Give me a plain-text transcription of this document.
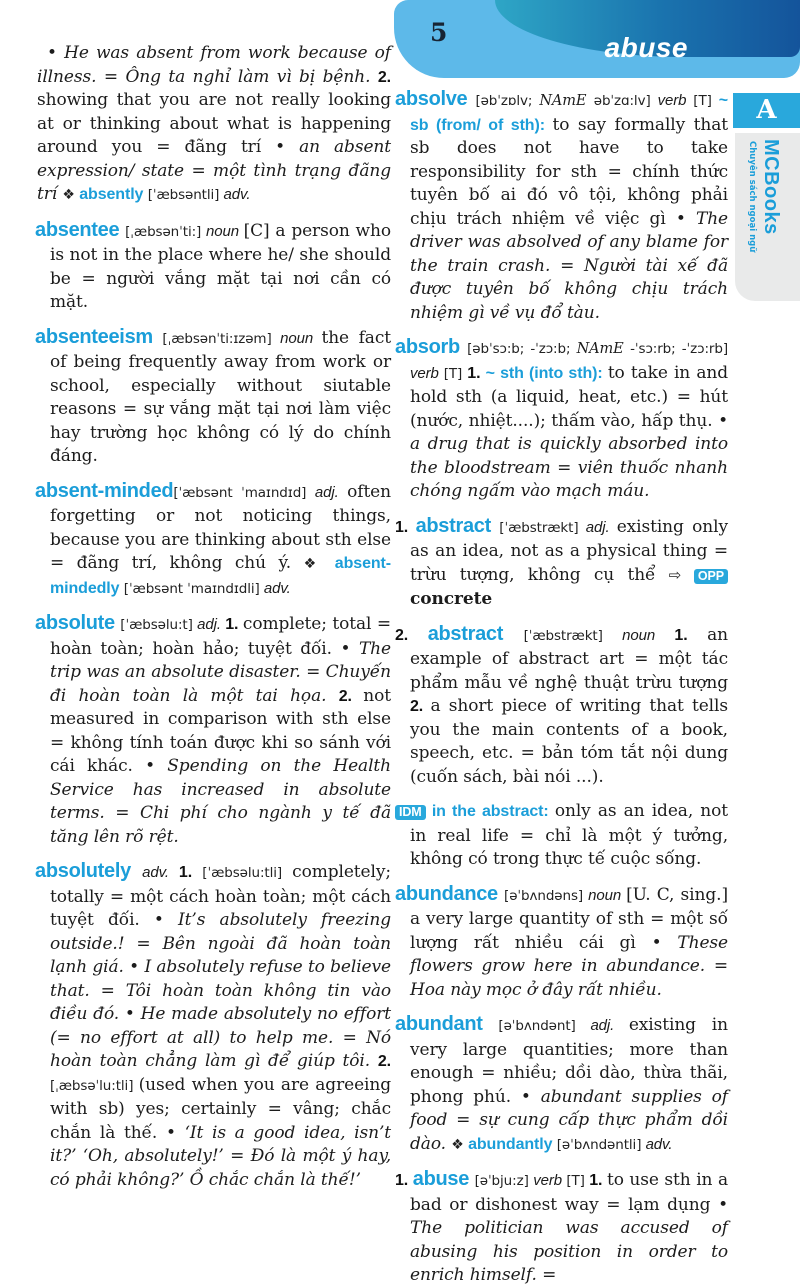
5	abuse
A
MCBooks
Chuyên sách ngoại ngữ

• He was absent from work because of illness. = Ông ta nghỉ làm vì bị bệnh. 2. showing that you are not really looking at or thinking about what is happening around you = đãng trí • an absent expression/ state = một tình trạng đãng trí ❖ absently [ˈæbsəntli] adv.

absentee [ˌæbsənˈti:] noun [C] a person who is not in the place where he/ she should be = người vắng mặt tại nơi cần có mặt.

absenteeism [ˌæbsənˈti:ɪzəm] noun the fact of being frequently away from work or school, especially without siutable reasons = sự vắng mặt tại nơi làm việc hay trường học không có lý do chính đáng.

absent-minded[ˈæbsənt ˈmaɪndɪd] adj. often forgetting or not noticing things, because you are thinking about sth else = đãng trí, không chú ý. ❖ absent-mindedly [ˈæbsənt ˈmaɪndɪdli] adv.

absolute [ˈæbsəlu:t] adj. 1. complete; total = hoàn toàn; hoàn hảo; tuyệt đối. • The trip was an absolute disaster. = Chuyến đi hoàn toàn là một tai họa. 2. not measured in comparison with sth else = không tính toán được khi so sánh với cái khác. • Spending on the Health Service has increased in absolute terms. = Chi phí cho ngành y tế đã tăng lên rõ rệt.

absolutely adv. 1. [ˈæbsəlu:tli] completely; totally = một cách hoàn toàn; một cách tuyệt đối. • It’s absolutely freezing outside.! = Bên ngoài đã hoàn toàn lạnh giá. • I absolutely refuse to believe that. = Tôi hoàn toàn không tin vào điều đó. • He made absolutely no effort (= no effort at all) to help me. = Nó hoàn toàn chẳng làm gì để giúp tôi. 2. [ˌæbsəˈlu:tli] (used when you are agreeing with sb) yes; certainly = vâng; chắc chắn là thế. • ‘It is a good idea, isn’t it?’ ‘Oh, absolutely!’ = Đó là một ý hay, có phải không?’ Ồ chắc chắn là thế!’

absolve [əbˈzɒlv; NAmE əbˈzɑ:lv] verb [T] ~ sb (from/ of sth): to say formally that sb does not have to take responsibility for sth = chính thức tuyên bố ai đó vô tội, không phải chịu trách nhiệm về việc gì • The driver was absolved of any blame for the train crash. = Người tài xế đã được tuyên bố không chịu trách nhiệm gì về vụ đổ tàu.

absorb [əbˈsɔ:b; -ˈzɔ:b; NAmE -ˈsɔ:rb; -ˈzɔ:rb] verb [T] 1. ~ sth (into sth): to take in and hold sth (a liquid, heat, etc.) = hút (nước, nhiệt....); thấm vào, hấp thụ. • a drug that is quickly absorbed into the bloodstream = viên thuốc nhanh chóng ngấm vào mạch máu.

1. abstract [ˈæbstrækt] adj. existing only as an idea, not as a physical thing = trừu tượng, không cụ thể ⇨ OPP concrete

2. abstract [ˈæbstrækt] noun 1. an example of abstract art = một tác phẩm mẫu về nghệ thuật trừu tượng 2. a short piece of writing that tells you the main contents of a book, speech, etc. = bản tóm tắt nội dung (cuốn sách, bài nói ...).

IDM in the abstract: only as an idea, not in real life = chỉ là một ý tưởng, không có trong thực tế cuộc sống.

abundance [əˈbʌndəns] noun [U. C, sing.] a very large quantity of sth = một số lượng rất nhiều cái gì • These flowers grow here in abundance. = Hoa này mọc ở đây rất nhiều.

abundant [əˈbʌndənt] adj. existing in very large quantities; more than enough = nhiều; dồi dào, thừa thãi, phong phú. • abundant supplies of food = sự cung cấp thực phẩm dồi dào. ❖ abundantly [əˈbʌndəntli] adv.

1. abuse [əˈbju:z] verb [T] 1. to use sth in a bad or dishonest way = lạm dụng • The politician was accused of abusing his position in order to enrich himself. =
